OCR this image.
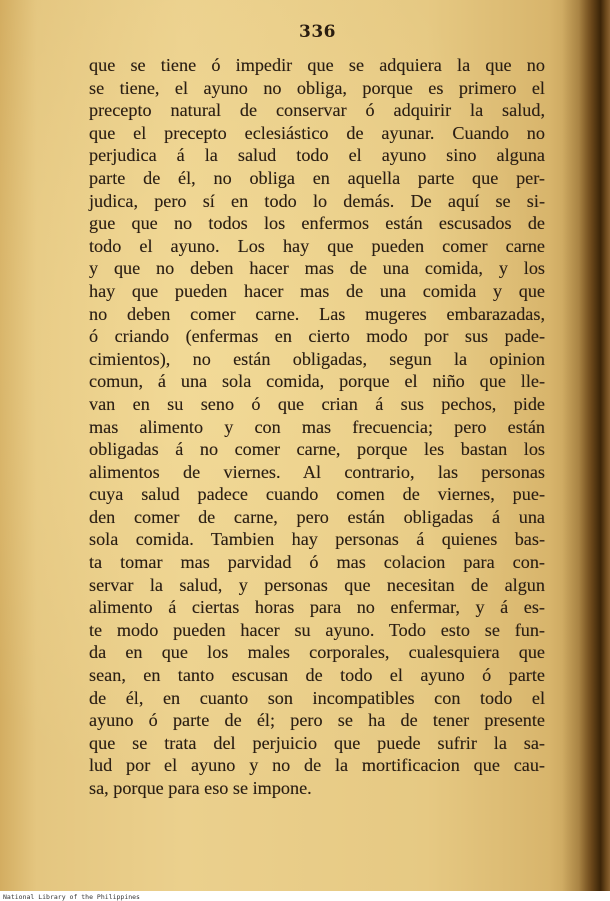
336
que se tiene ó impedir que se adquiera la que no
se tiene, el ayuno no obliga, porque es primero el
precepto natural de conservar ó adquirir la salud,
que el precepto eclesiástico de ayunar. Cuando no
perjudica á la salud todo el ayuno sino alguna
parte de él, no obliga en aquella parte que per-
judica, pero sí en todo lo demás. De aquí se si-
gue que no todos los enfermos están escusados de
todo el ayuno. Los hay que pueden comer carne
y que no deben hacer mas de una comida, y los
hay que pueden hacer mas de una comida y que
no deben comer carne. Las mugeres embarazadas,
ó criando (enfermas en cierto modo por sus pade-
cimientos), no están obligadas, segun la opinion
comun, á una sola comida, porque el niño que lle-
van en su seno ó que crian á sus pechos, pide
mas alimento y con mas frecuencia; pero están
obligadas á no comer carne, porque les bastan los
alimentos de viernes. Al contrario, las personas
cuya salud padece cuando comen de viernes, pue-
den comer de carne, pero están obligadas á una
sola comida. Tambien hay personas á quienes bas-
ta tomar mas parvidad ó mas colacion para con-
servar la salud, y personas que necesitan de algun
alimento á ciertas horas para no enfermar, y á es-
te modo pueden hacer su ayuno. Todo esto se fun-
da en que los males corporales, cualesquiera que
sean, en tanto escusan de todo el ayuno ó parte
de él, en cuanto son incompatibles con todo el
ayuno ó parte de él; pero se ha de tener presente
que se trata del perjuicio que puede sufrir la sa-
lud por el ayuno y no de la mortificacion que cau-
sa, porque para eso se impone.
National Library of the Philippines
